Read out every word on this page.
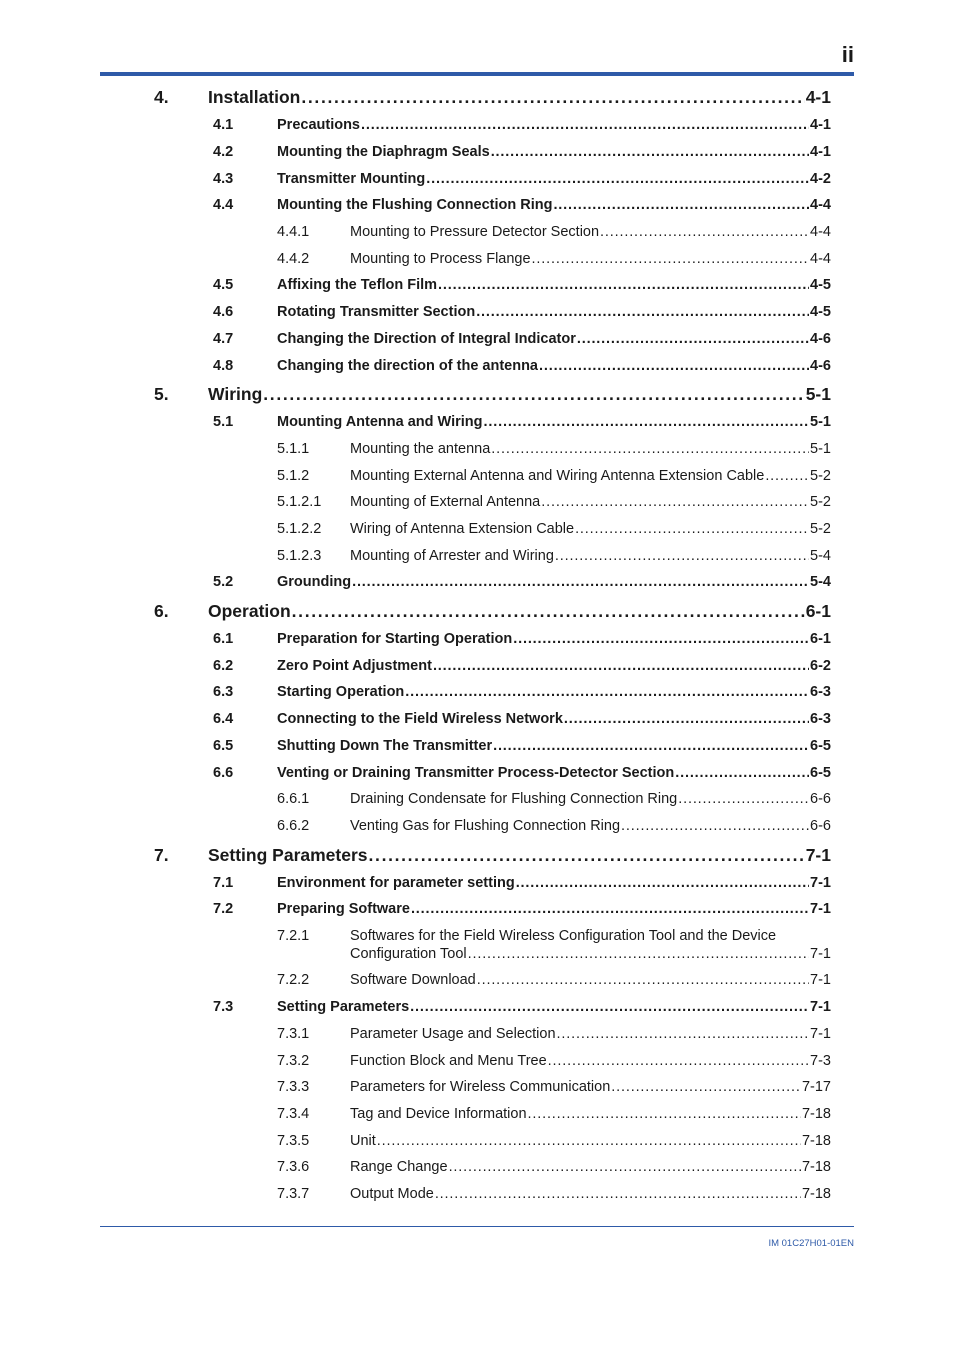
ii
4. Installation . . .	4-1
4.1	Precautions . . .	4-1
4.2	Mounting the Diaphragm Seals . . .	4-1
4.3	Transmitter Mounting . . .	4-2
4.4	Mounting the Flushing Connection Ring . . .	4-4
4.4.1	Mounting to Pressure Detector Section . . .	4-4
4.4.2	Mounting to Process Flange . . .	4-4
4.5	Affixing the Teflon Film . . .	4-5
4.6	Rotating Transmitter Section . . .	4-5
4.7	Changing the Direction of Integral Indicator . . .	4-6
4.8	Changing the direction of the antenna . . .	4-6
5. Wiring . . .	5-1
5.1	Mounting Antenna and Wiring . . .	5-1
5.1.1	Mounting the antenna . . .	5-1
5.1.2	Mounting External Antenna and Wiring Antenna Extension Cable . . .	5-2
5.1.2.1 Mounting of External Antenna . . .	5-2
5.1.2.2 Wiring of Antenna Extension Cable . . .	5-2
5.1.2.3 Mounting of Arrester and Wiring . . .	5-4
5.2	Grounding . . .	5-4
6. Operation . . .	6-1
6.1	Preparation for Starting Operation . . .	6-1
6.2	Zero Point Adjustment . . .	6-2
6.3	Starting Operation . . .	6-3
6.4	Connecting to the Field Wireless Network . . .	6-3
6.5	Shutting Down The Transmitter . . .	6-5
6.6	Venting or Draining Transmitter Process-Detector Section . . .	6-5
6.6.1	Draining Condensate for Flushing Connection Ring . . .	6-6
6.6.2	Venting Gas for Flushing Connection Ring . . .	6-6
7. Setting Parameters . . .	7-1
7.1	Environment for parameter setting . . .	7-1
7.2	Preparing Software . . .	7-1
7.2.1	Softwares for the Field Wireless Configuration Tool and the Device
Configuration Tool . . .	7-1
7.2.2	Software Download . . .	7-1
7.3	Setting Parameters . . .	7-1
7.3.1	Parameter Usage and Selection . . .	7-1
7.3.2	Function Block and Menu Tree . . .	7-3
7.3.3	Parameters for Wireless Communication . . .	7-17
7.3.4	Tag and Device Information . . .	7-18
7.3.5	Unit . . .	7-18
7.3.6	Range Change . . .	7-18
7.3.7	Output Mode . . .	7-18
IM 01C27H01-01EN
